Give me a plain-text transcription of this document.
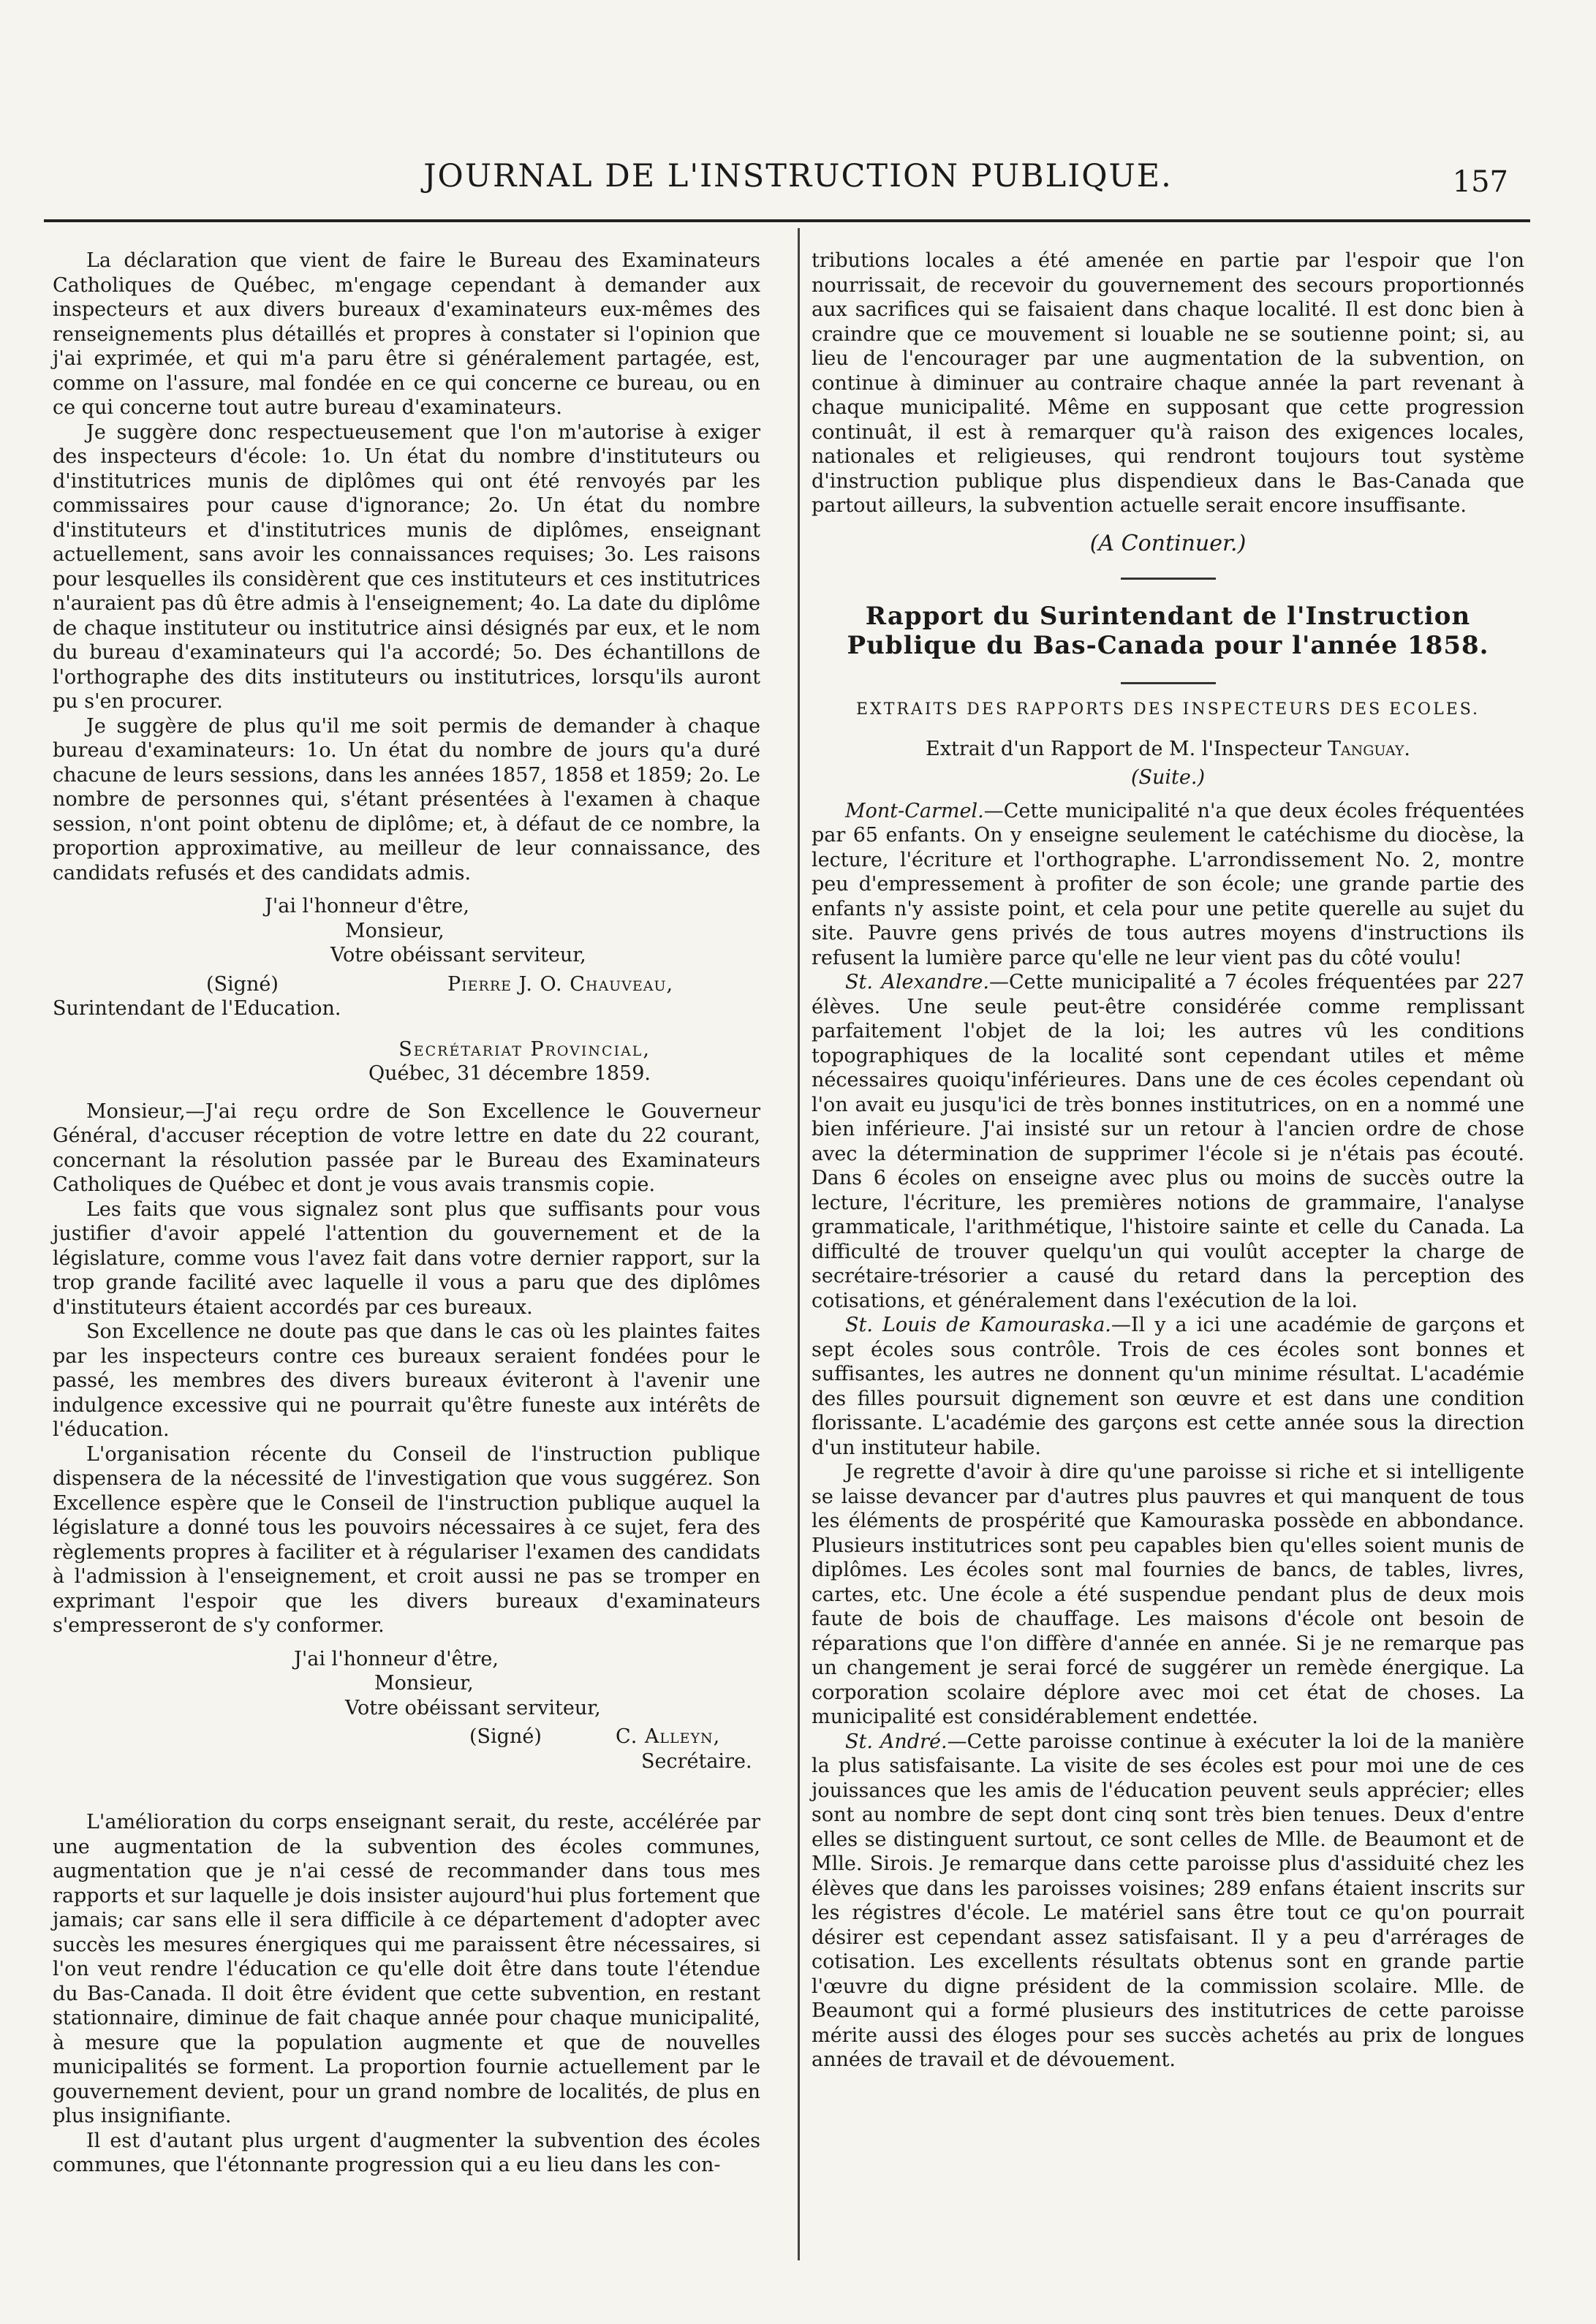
JOURNAL DE L'INSTRUCTION PUBLIQUE.	157

La déclaration que vient de faire le Bureau des Examinateurs Catholiques de Québec, m'engage cependant à demander aux inspecteurs et aux divers bureaux d'examinateurs eux-mêmes des renseignements plus détaillés et propres à constater si l'opinion que j'ai exprimée, et qui m'a paru être si généralement partagée, est, comme on l'assure, mal fondée en ce qui concerne ce bureau, ou en ce qui concerne tout autre bureau d'examinateurs.

Je suggère donc respectueusement que l'on m'autorise à exiger des inspecteurs d'école: 1o. Un état du nombre d'instituteurs ou d'institutrices munis de diplômes qui ont été renvoyés par les commissaires pour cause d'ignorance; 2o. Un état du nombre d'instituteurs et d'institutrices munis de diplômes, enseignant actuellement, sans avoir les connaissances requises; 3o. Les raisons pour lesquelles ils considèrent que ces instituteurs et ces institutrices n'auraient pas dû être admis à l'enseignement; 4o. La date du diplôme de chaque instituteur ou institutrice ainsi désignés par eux, et le nom du bureau d'examinateurs qui l'a accordé; 5o. Des échantillons de l'orthographe des dits instituteurs ou institutrices, lorsqu'ils auront pu s'en procurer.

Je suggère de plus qu'il me soit permis de demander à chaque bureau d'examinateurs: 1o. Un état du nombre de jours qu'a duré chacune de leurs sessions, dans les années 1857, 1858 et 1859; 2o. Le nombre de personnes qui, s'étant présentées à l'examen à chaque session, n'ont point obtenu de diplôme; et, à défaut de ce nombre, la proportion approximative, au meilleur de leur connaissance, des candidats refusés et des candidats admis.

J'ai l'honneur d'être,

Monsieur,

Votre obéissant serviteur,

(Signé)	Pierre J. O. Chauveau,

Surintendant de l'Education.

Secrétariat Provincial,
Québec, 31 décembre 1859.

Monsieur,—J'ai reçu ordre de Son Excellence le Gouverneur Général, d'accuser réception de votre lettre en date du 22 courant, concernant la résolution passée par le Bureau des Examinateurs Catholiques de Québec et dont je vous avais transmis copie.

Les faits que vous signalez sont plus que suffisants pour vous justifier d'avoir appelé l'attention du gouvernement et de la législature, comme vous l'avez fait dans votre dernier rapport, sur la trop grande facilité avec laquelle il vous a paru que des diplômes d'instituteurs étaient accordés par ces bureaux.

Son Excellence ne doute pas que dans le cas où les plaintes faites par les inspecteurs contre ces bureaux seraient fondées pour le passé, les membres des divers bureaux éviteront à l'avenir une indulgence excessive qui ne pourrait qu'être funeste aux intérêts de l'éducation.

L'organisation récente du Conseil de l'instruction publique dispensera de la nécessité de l'investigation que vous suggérez. Son Excellence espère que le Conseil de l'instruction publique auquel la législature a donné tous les pouvoirs nécessaires à ce sujet, fera des règlements propres à faciliter et à régulariser l'examen des candidats à l'admission à l'enseignement, et croit aussi ne pas se tromper en exprimant l'espoir que les divers bureaux d'examinateurs s'empresseront de s'y conformer.

J'ai l'honneur d'être,

Monsieur,

Votre obéissant serviteur,

(Signé)	C. Alleyn,

Secrétaire.

L'amélioration du corps enseignant serait, du reste, accélérée par une augmentation de la subvention des écoles communes, augmentation que je n'ai cessé de recommander dans tous mes rapports et sur laquelle je dois insister aujourd'hui plus fortement que jamais; car sans elle il sera difficile à ce département d'adopter avec succès les mesures énergiques qui me paraissent être nécessaires, si l'on veut rendre l'éducation ce qu'elle doit être dans toute l'étendue du Bas-Canada. Il doit être évident que cette subvention, en restant stationnaire, diminue de fait chaque année pour chaque municipalité, à mesure que la population augmente et que de nouvelles municipalités se forment. La proportion fournie actuellement par le gouvernement devient, pour un grand nombre de localités, de plus en plus insignifiante.

Il est d'autant plus urgent d'augmenter la subvention des écoles communes, que l'étonnante progression qui a eu lieu dans les con-

tributions locales a été amenée en partie par l'espoir que l'on nourrissait, de recevoir du gouvernement des secours proportionnés aux sacrifices qui se faisaient dans chaque localité. Il est donc bien à craindre que ce mouvement si louable ne se soutienne point; si, au lieu de l'encourager par une augmentation de la subvention, on continue à diminuer au contraire chaque année la part revenant à chaque municipalité. Même en supposant que cette progression continuât, il est à remarquer qu'à raison des exigences locales, nationales et religieuses, qui rendront toujours tout système d'instruction publique plus dispendieux dans le Bas-Canada que partout ailleurs, la subvention actuelle serait encore insuffisante.

(A Continuer.)
Rapport du Surintendant de l'Instruction Publique du Bas-Canada pour l'année 1858.
EXTRAITS DES RAPPORTS DES INSPECTEURS DES ECOLES.
Extrait d'un Rapport de M. l'Inspecteur Tanguay.
(Suite.)

Mont-Carmel.—Cette municipalité n'a que deux écoles fréquentées par 65 enfants. On y enseigne seulement le catéchisme du diocèse, la lecture, l'écriture et l'orthographe. L'arrondissement No. 2, montre peu d'empressement à profiter de son école; une grande partie des enfants n'y assiste point, et cela pour une petite querelle au sujet du site. Pauvre gens privés de tous autres moyens d'instructions ils refusent la lumière parce qu'elle ne leur vient pas du côté voulu!

St. Alexandre.—Cette municipalité a 7 écoles fréquentées par 227 élèves. Une seule peut-être considérée comme remplissant parfaitement l'objet de la loi; les autres vû les conditions topographiques de la localité sont cependant utiles et même nécessaires quoiqu'inférieures. Dans une de ces écoles cependant où l'on avait eu jusqu'ici de très bonnes institutrices, on en a nommé une bien inférieure. J'ai insisté sur un retour à l'ancien ordre de chose avec la détermination de supprimer l'école si je n'étais pas écouté. Dans 6 écoles on enseigne avec plus ou moins de succès outre la lecture, l'écriture, les premières notions de grammaire, l'analyse grammaticale, l'arithmétique, l'histoire sainte et celle du Canada. La difficulté de trouver quelqu'un qui voulût accepter la charge de secrétaire-trésorier a causé du retard dans la perception des cotisations, et généralement dans l'exécution de la loi.

St. Louis de Kamouraska.—Il y a ici une académie de garçons et sept écoles sous contrôle. Trois de ces écoles sont bonnes et suffisantes, les autres ne donnent qu'un minime résultat. L'académie des filles poursuit dignement son œuvre et est dans une condition florissante. L'académie des garçons est cette année sous la direction d'un instituteur habile.

Je regrette d'avoir à dire qu'une paroisse si riche et si intelligente se laisse devancer par d'autres plus pauvres et qui manquent de tous les éléments de prospérité que Kamouraska possède en abbondance. Plusieurs institutrices sont peu capables bien qu'elles soient munis de diplômes. Les écoles sont mal fournies de bancs, de tables, livres, cartes, etc. Une école a été suspendue pendant plus de deux mois faute de bois de chauffage. Les maisons d'école ont besoin de réparations que l'on diffère d'année en année. Si je ne remarque pas un changement je serai forcé de suggérer un remède énergique. La corporation scolaire déplore avec moi cet état de choses. La municipalité est considérablement endettée.

St. André.—Cette paroisse continue à exécuter la loi de la manière la plus satisfaisante. La visite de ses écoles est pour moi une de ces jouissances que les amis de l'éducation peuvent seuls apprécier; elles sont au nombre de sept dont cinq sont très bien tenues. Deux d'entre elles se distinguent surtout, ce sont celles de Mlle. de Beaumont et de Mlle. Sirois. Je remarque dans cette paroisse plus d'assiduité chez les élèves que dans les paroisses voisines; 289 enfans étaient inscrits sur les régistres d'école. Le matériel sans être tout ce qu'on pourrait désirer est cependant assez satisfaisant. Il y a peu d'arrérages de cotisation. Les excellents résultats obtenus sont en grande partie l'œuvre du digne président de la commission scolaire. Mlle. de Beaumont qui a formé plusieurs des institutrices de cette paroisse mérite aussi des éloges pour ses succès achetés au prix de longues années de travail et de dévouement.
